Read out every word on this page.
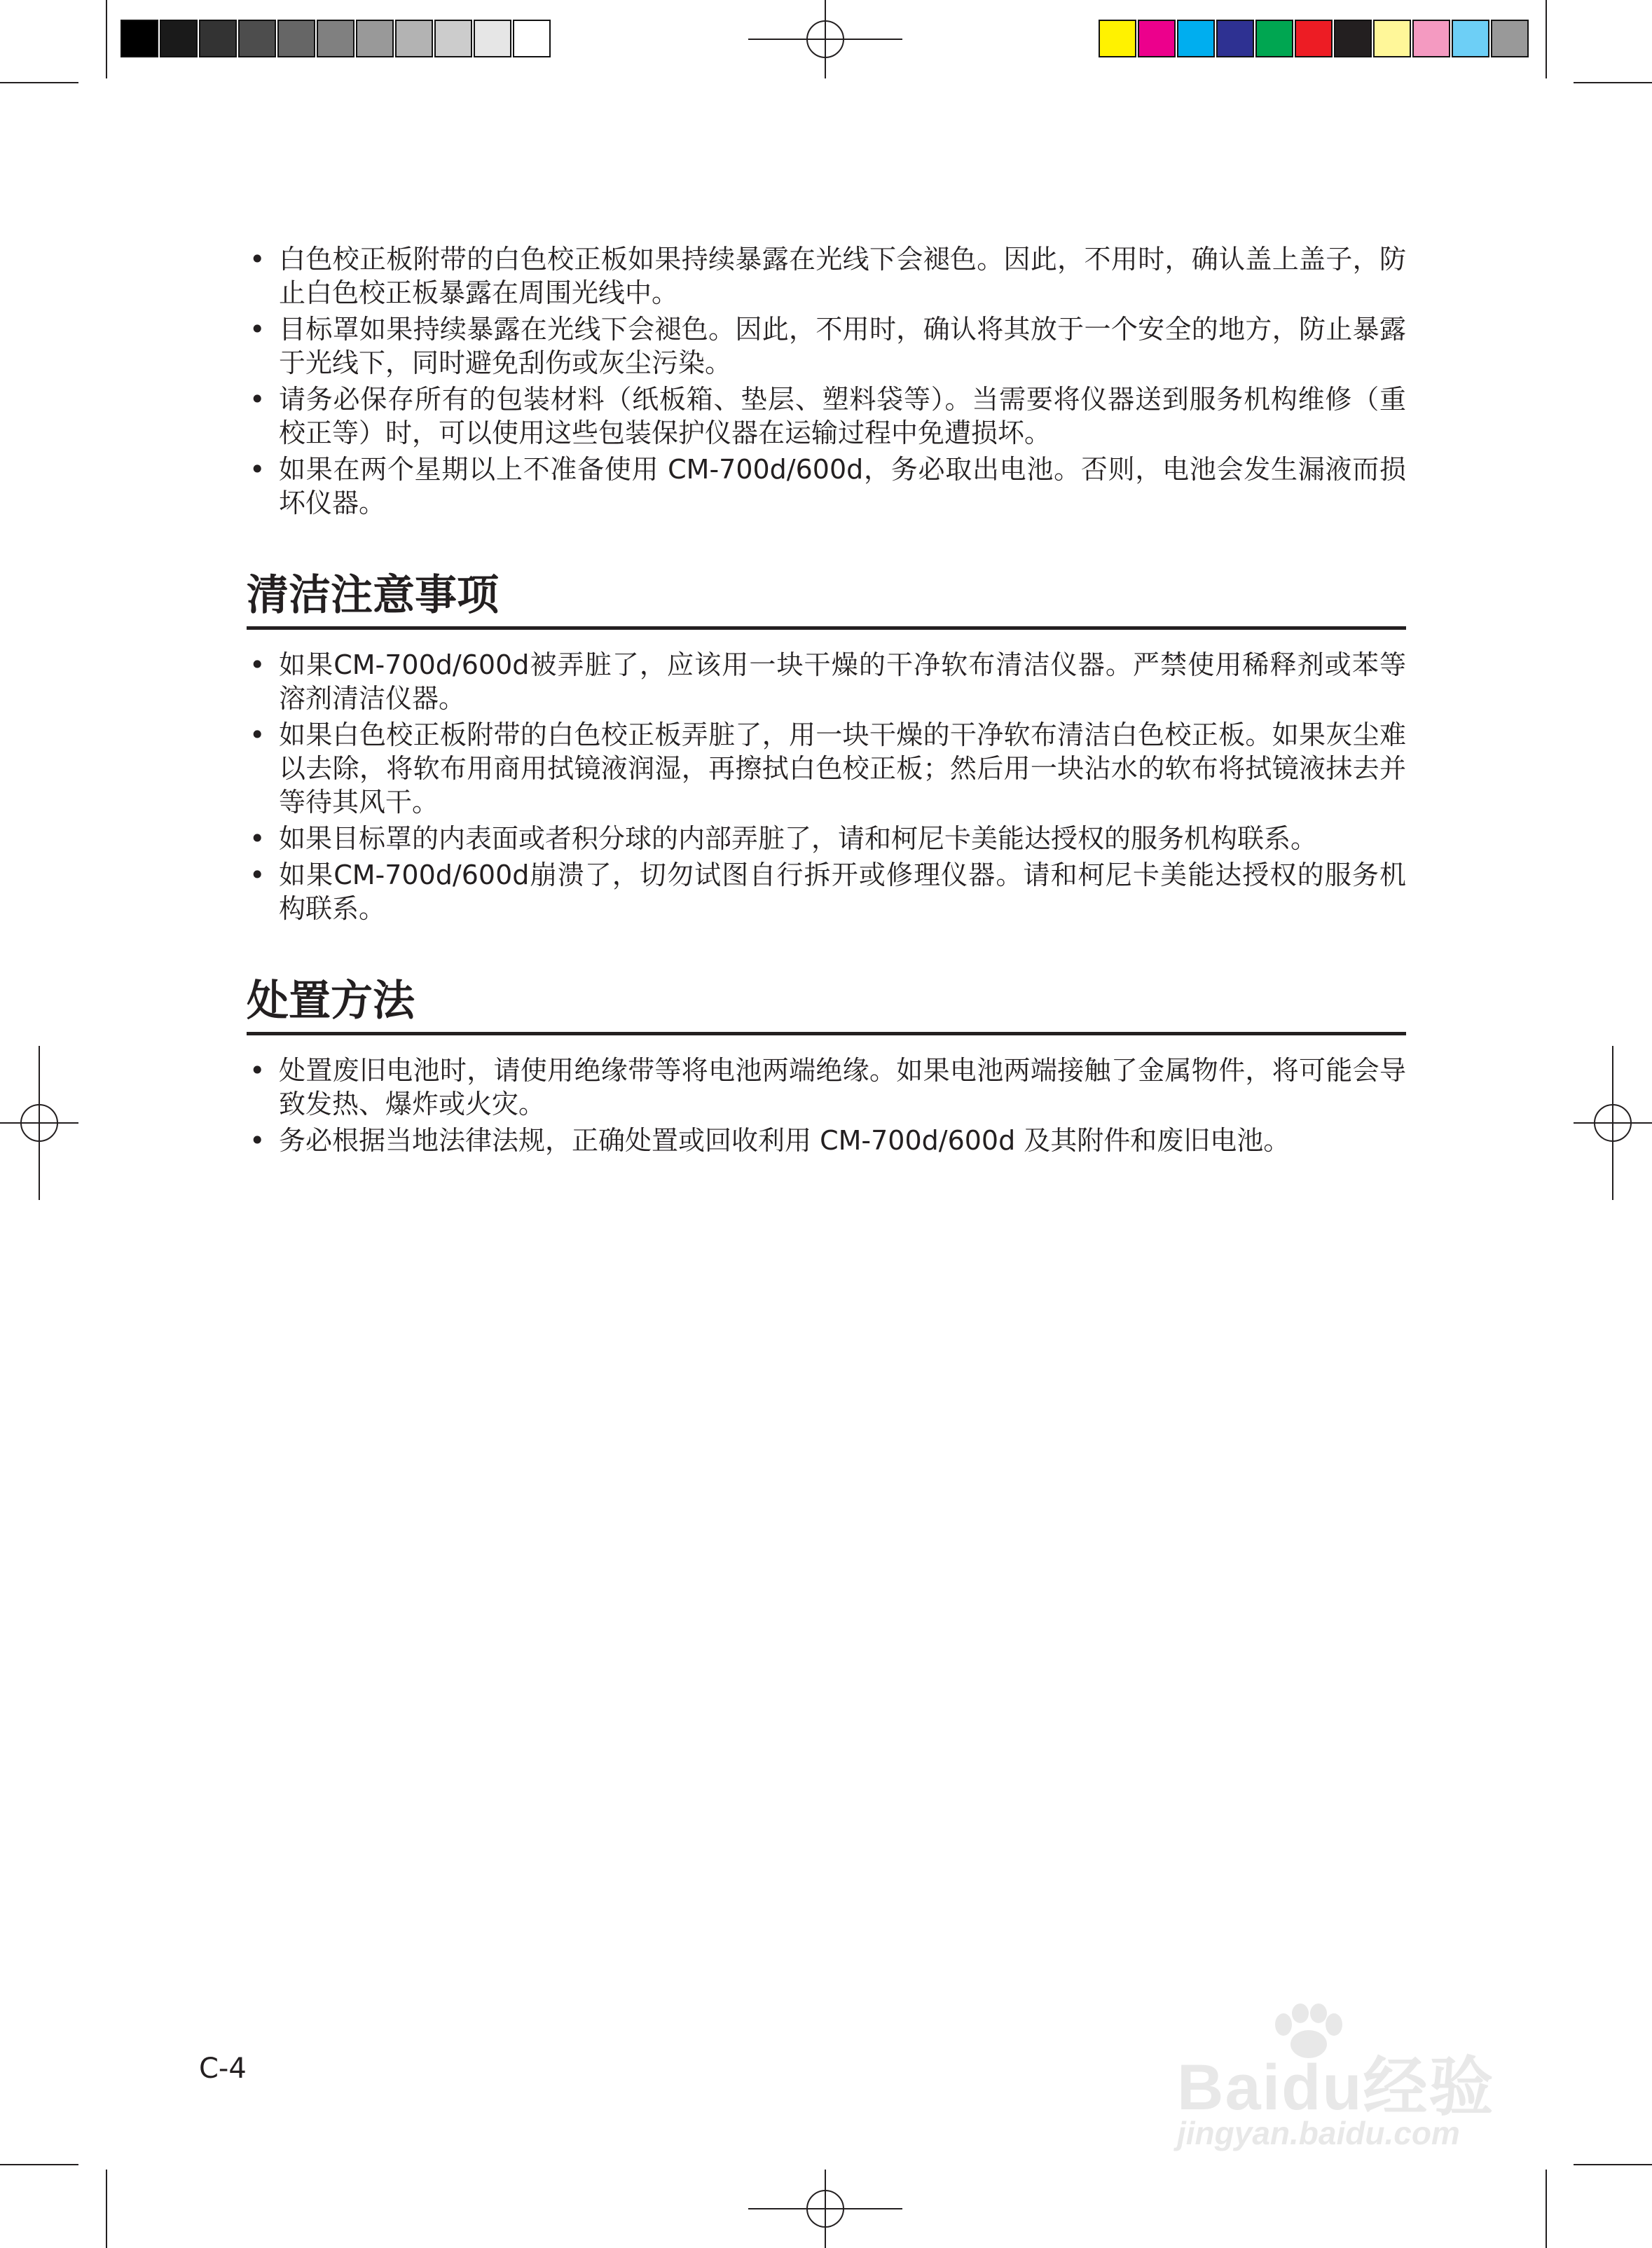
• 白色校正板附带的白色校正板如果持续暴露在光线下会褪色。因此，不用时，确认盖上盖子，防止白色校正板暴露在周围光线中。
• 目标罩如果持续暴露在光线下会褪色。因此，不用时，确认将其放于一个安全的地方，防止暴露于光线下，同时避免刮伤或灰尘污染。
• 请务必保存所有的包装材料（纸板箱、垫层、塑料袋等）。当需要将仪器送到服务机构维修（重校正等）时，可以使用这些包装保护仪器在运输过程中免遭损坏。
• 如果在两个星期以上不准备使用 CM-700d/600d，务必取出电池。否则，电池会发生漏液而损坏仪器。
清洁注意事项
• 如果CM-700d/600d被弄脏了，应该用一块干燥的干净软布清洁仪器。严禁使用稀释剂或苯等溶剂清洁仪器。
• 如果白色校正板附带的白色校正板弄脏了，用一块干燥的干净软布清洁白色校正板。如果灰尘难以去除，将软布用商用拭镜液润湿，再擦拭白色校正板；然后用一块沾水的软布将拭镜液抹去并等待其风干。
• 如果目标罩的内表面或者积分球的内部弄脏了，请和柯尼卡美能达授权的服务机构联系。
• 如果CM-700d/600d崩溃了，切勿试图自行拆开或修理仪器。请和柯尼卡美能达授权的服务机构联系。
处置方法
• 处置废旧电池时，请使用绝缘带等将电池两端绝缘。如果电池两端接触了金属物件，将可能会导致发热、爆炸或火灾。
• 务必根据当地法律法规，正确处置或回收利用 CM-700d/600d 及其附件和废旧电池。
C-4	Baidu经验
jingyan.baidu.com
